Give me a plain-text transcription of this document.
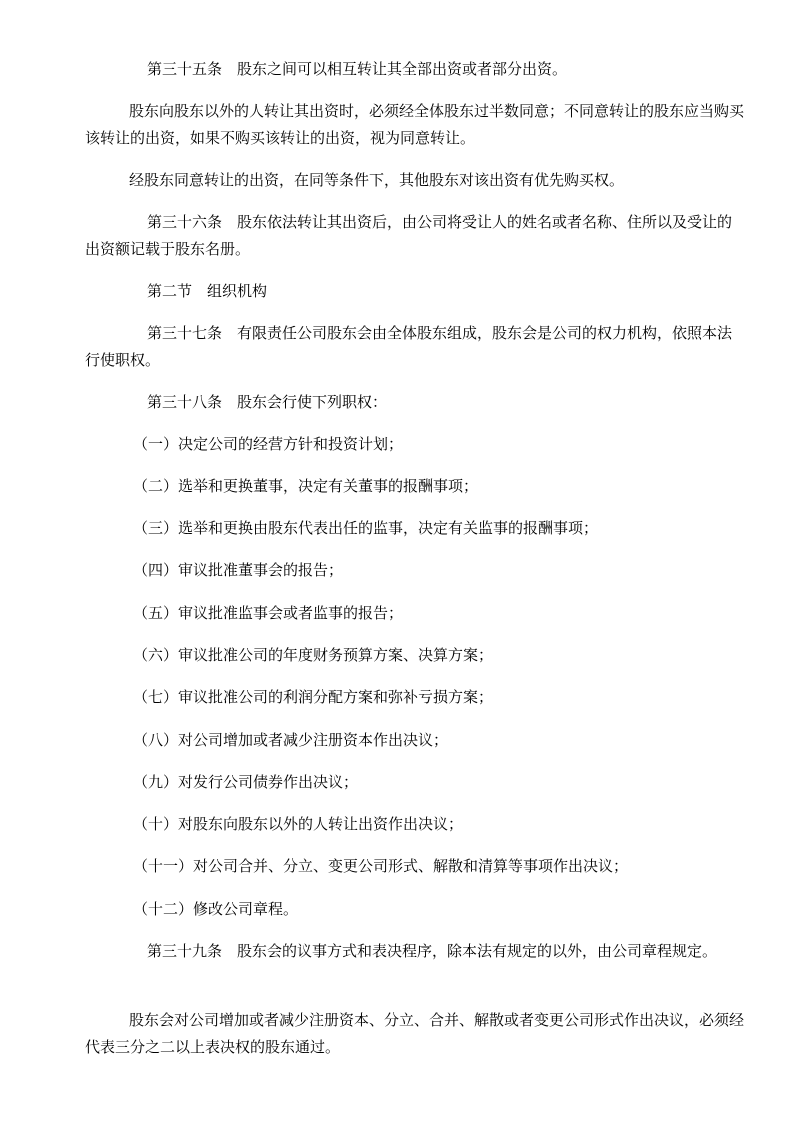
第三十五条 股东之间可以相互转让其全部出资或者部分出资。

股东向股东以外的人转让其出资时，必须经全体股东过半数同意；不同意转让的股东应当购买该转让的出资，如果不购买该转让的出资，视为同意转让。

经股东同意转让的出资，在同等条件下，其他股东对该出资有优先购买权。

第三十六条 股东依法转让其出资后，由公司将受让人的姓名或者名称、住所以及受让的出资额记载于股东名册。

第二节 组织机构

第三十七条 有限责任公司股东会由全体股东组成，股东会是公司的权力机构，依照本法行使职权。

第三十八条 股东会行使下列职权：

（一）决定公司的经营方针和投资计划；

（二）选举和更换董事，决定有关董事的报酬事项；

（三）选举和更换由股东代表出任的监事，决定有关监事的报酬事项；

（四）审议批准董事会的报告；

（五）审议批准监事会或者监事的报告；

（六）审议批准公司的年度财务预算方案、决算方案；

（七）审议批准公司的利润分配方案和弥补亏损方案；

（八）对公司增加或者减少注册资本作出决议；

（九）对发行公司债券作出决议；

（十）对股东向股东以外的人转让出资作出决议；

（十一）对公司合并、分立、变更公司形式、解散和清算等事项作出决议；

（十二）修改公司章程。

第三十九条 股东会的议事方式和表决程序，除本法有规定的以外，由公司章程规定。

股东会对公司增加或者减少注册资本、分立、合并、解散或者变更公司形式作出决议，必须经代表三分之二以上表决权的股东通过。
